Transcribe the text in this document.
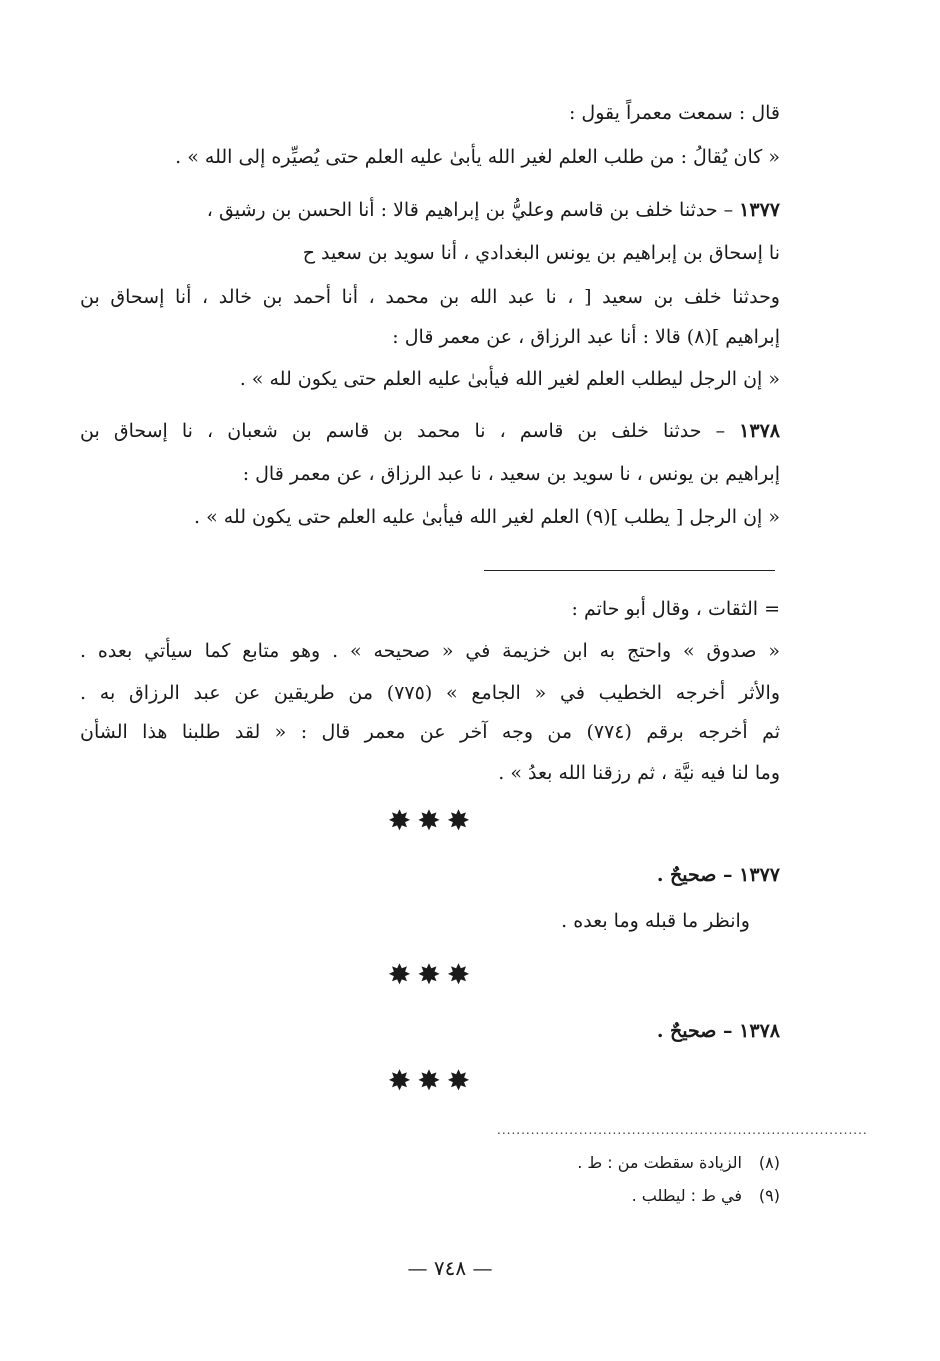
قال : سمعت معمراً يقول :
« كان يُقالُ : من طلب العلم لغير الله يأبىٰ عليه العلم حتى يُصيِّره إلى الله » .
١٣٧٧ – حدثنا خلف بن قاسم وعليُّ بن إبراهيم قالا : أنا الحسن بن رشيق ،
نا إسحاق بن إبراهيم بن يونس البغدادي ، أنا سويد بن سعيد ح
وحدثنا خلف بن سعيد [ ، نا عبد الله بن محمد ، أنا أحمد بن خالد ، أنا إسحاق بن
إبراهيم ](٨) قالا : أنا عبد الرزاق ، عن معمر قال :
« إن الرجل ليطلب العلم لغير الله فيأبىٰ عليه العلم حتى يكون لله » .
١٣٧٨ – حدثنا خلف بن قاسم ، نا محمد بن قاسم بن شعبان ، نا إسحاق بن
إبراهيم بن يونس ، نا سويد بن سعيد ، نا عبد الرزاق ، عن معمر قال :
« إن الرجل [ يطلب ](٩) العلم لغير الله فيأبىٰ عليه العلم حتى يكون لله » .
= الثقات ، وقال أبو حاتم :
« صدوق » واحتج به ابن خزيمة في « صحيحه » . وهو متابع كما سيأتي بعده .
والأثر أخرجه الخطيب في « الجامع » (٧٧٥) من طريقين عن عبد الرزاق به .
ثم أخرجه برقم (٧٧٤) من وجه آخر عن معمر قال : « لقد طلبنا هذا الشأن
وما لنا فيه نيَّة ، ثم رزقنا الله بعدُ » .
✸✸✸
١٣٧٧ – صحيحٌ .
وانظر ما قبله وما بعده .
✸✸✸
١٣٧٨ – صحيحٌ .
✸✸✸
.............................................................................
(٨)الزيادة سقطت من : ط .
(٩)في ط : ليطلب .
— ٧٤٨ —
